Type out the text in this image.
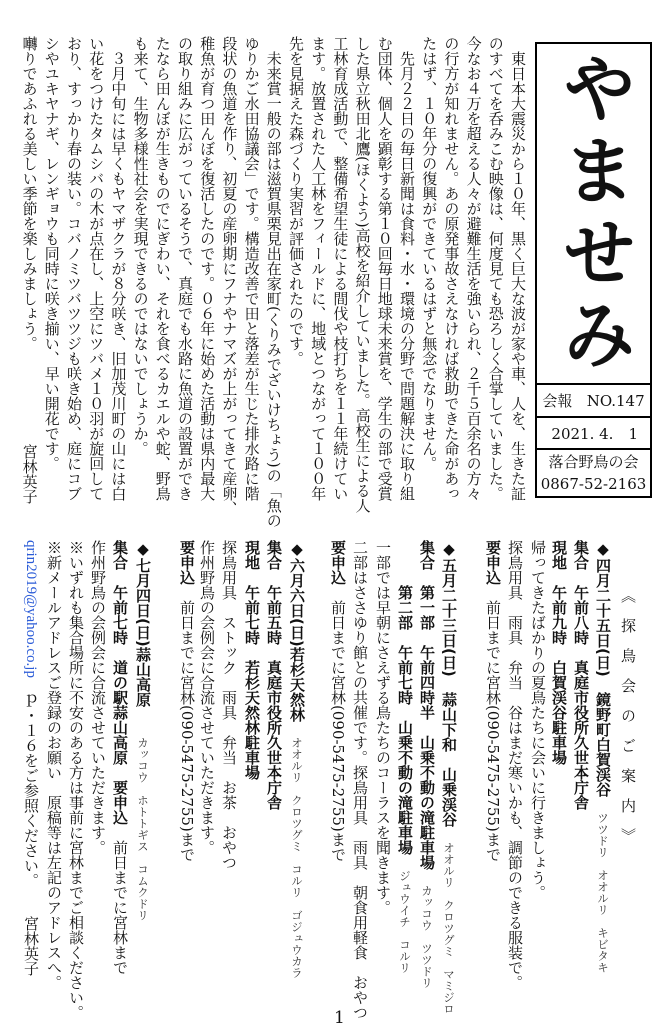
やませみ
会報
NO.147
2021. 4.　1
落合野鳥の会
0867-52-2163
　東日本大震災から１０年、黒く巨大な波が家や車、人を、生きた証
のすべてを呑みこむ映像は、何度見ても恐ろしく合掌していました。
今なお４万を超える人々が避難生活を強いられ、２千５百余名の方々
の行方が知れません。あの原発事故さえなければ救助できた命があっ
たはず、１０年分の復興ができているはずと無念でなりません。
　先月２２日の毎日新聞は食料・水・環境の分野で問題解決に取り組
む団体、個人を顕彰する第１０回毎日地球未来賞を、学生の部で受賞
した県立秋田北鷹(ほくよう)高校を紹介していました。高校生による人
工林育成活動で、整備希望生徒による間伐や枝打ちを１１年続けてい
ます。放置された人工林をフィールドに、地域とつながって１００年
先を見据えた森づくり実習が評価されたのです。
　未来賞一般の部は滋賀県栗見出在家町(くりみでざいけちょう)の「魚の
ゆりかご水田協議会」です。構造改善で田と落差が生じた排水路に階
段状の魚道を作り、初夏の産卵期にフナやナマズが上がってきて産卵、
稚魚が育つ田んぼを復活したのです。０６年に始めた活動は県内最大
の取り組みに広がっているそうで、真庭でも水路に魚道の設置ができ
たなら田んぼが生きものでにぎわい、それを食べるカエルや蛇、野鳥
も来て、生物多様性社会を実現できるのではないでしょうか。
　３月中旬には早くもヤマザクラが８分咲き、旧加茂川町の山には白
い花をつけたタムシバの木が点在し、上空にツバメ１０羽が旋回して
おり、すっかり春の装い。コバノミツバツツジも咲き始め、庭にコブ
シやユキヤナギ、レンギョウも同時に咲き揃い、早い開花です。
囀りであふれる美しい季節を楽しみましょう。
宮林英子
《　探　鳥　会　の　ご　案　内　》
◆四月二十五日(日)　鏡野町白賀渓谷　ツツドリ　オオルリ　キビタキ
集合　午前八時　真庭市役所久世本庁舎
現地　午前九時　白賀渓谷駐車場
帰ってきたばかりの夏鳥たちに会いに行きましょう。
探鳥用具　雨具　弁当　谷はまだ寒いかも、調節のできる服装で。
要申込　前日までに宮林(090-5475-2755)まで
◆五月二十三日(日)　蒜山下和　山乗渓谷　オオルリ　クロツグミ　マミジロ
集合　第一部　午前四時半　山乗不動の滝駐車場　カッコウ　ツツドリ
　　　第二部　午前七時　山乗不動の滝駐車場　ジュウイチ　コルリ
一部では早朝にさえずる鳥たちのコーラスを聞きます。
二部はささゆり館との共催です。探鳥用具　雨具　朝食用軽食　おやつ
要申込　前日までに宮林(090-5475-2755)まで
◆六月六日(日)若杉天然林　オオルリ　クロツグミ　コルリ　ゴジュウカラ
集合　午前五時　真庭市役所久世本庁舎
現地　午前七時　若杉天然林駐車場
探鳥用具　ストック　雨具　弁当　お茶　おやつ
作州野鳥の会例会に合流させていただきます。
要申込　前日までに宮林(090-5475-2755)まで
◆七月四日(日)蒜山高原　　カッコウ　ホトトギス　コムクドリ
集合　午前七時　道の駅蒜山高原　要申込　前日までに宮林まで
作州野鳥の会例会に合流させていただきます。
※いずれも集合場所に不安のある方は事前に宮林までご相談ください。
※新メールアドレスご登録のお願い　原稿等は左記のアドレスへ。
qrin2019@yahoo.co.jp　ｐ・１６をご参照ください。
宮林英子
1
